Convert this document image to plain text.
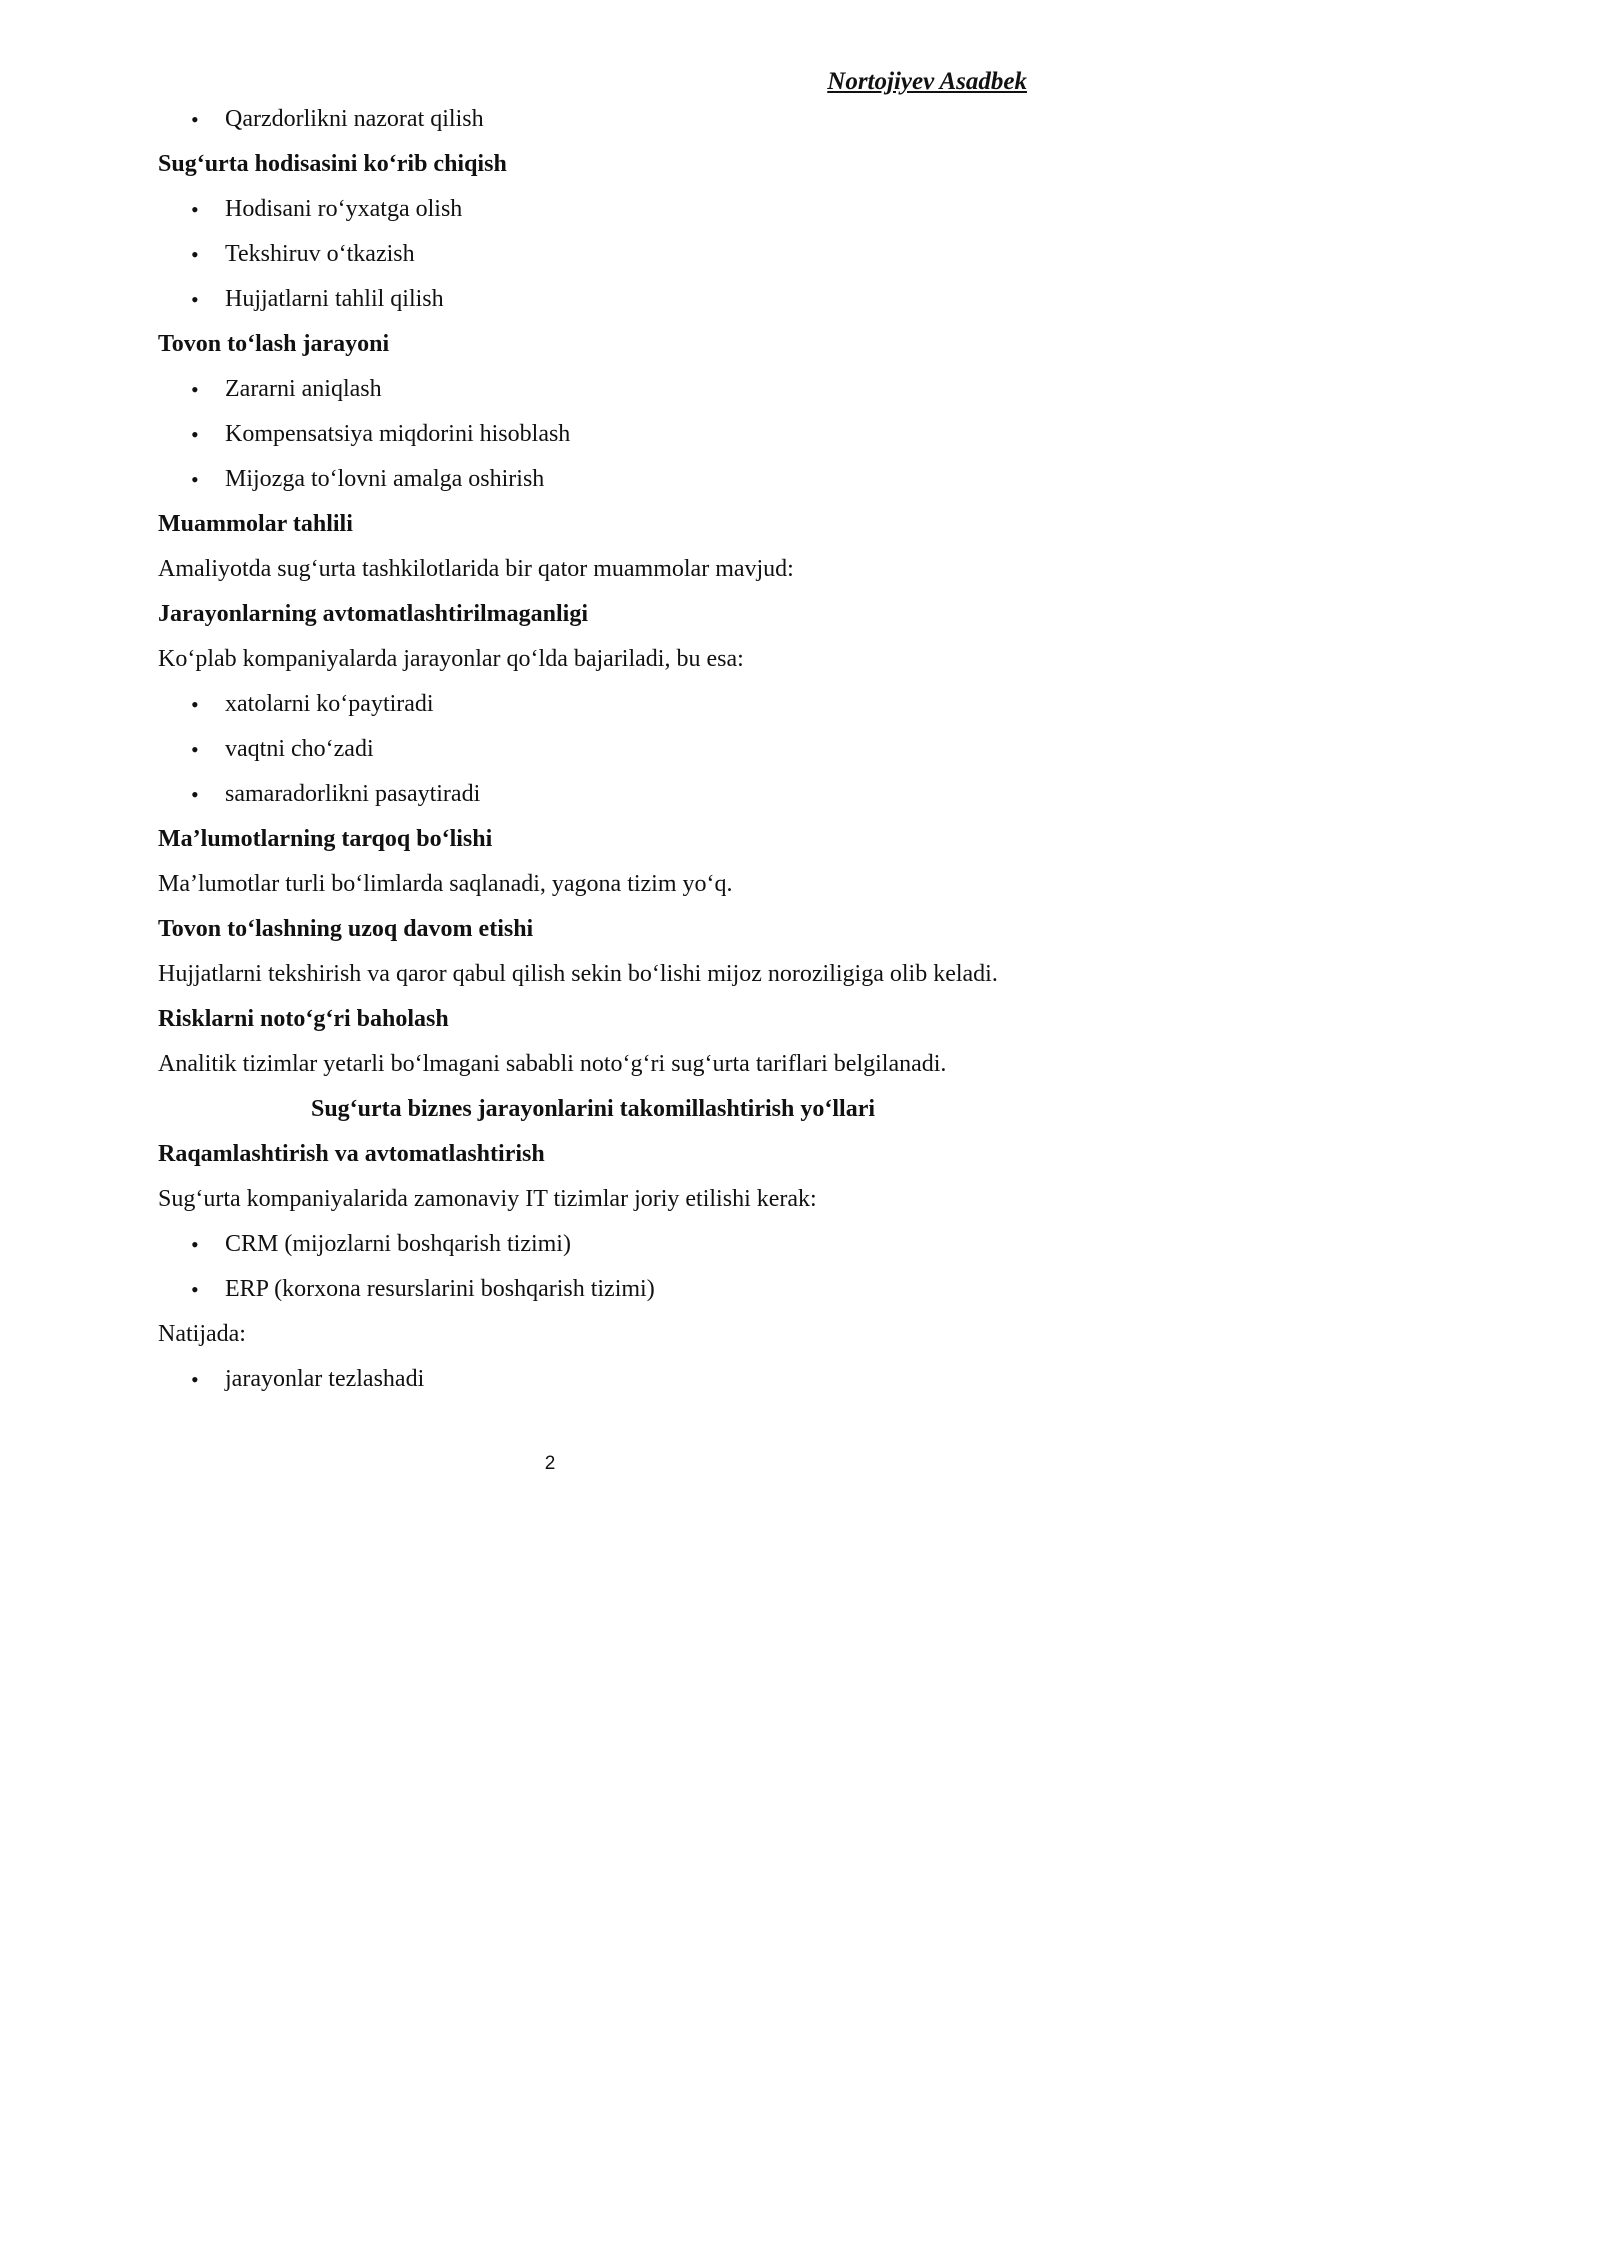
Nortojiyev Asadbek
• Qarzdorlikni nazorat qilish
Sug‘urta hodisasini ko‘rib chiqish
• Hodisani ro‘yxatga olish
• Tekshiruv o‘tkazish
• Hujjatlarni tahlil qilish
Tovon to‘lash jarayoni
• Zararni aniqlash
• Kompensatsiya miqdorini hisoblash
• Mijozga to‘lovni amalga oshirish
Muammolar tahlili
Amaliyotda sug‘urta tashkilotlarida bir qator muammolar mavjud:
Jarayonlarning avtomatlashtirilmaganligi
Ko‘plab kompaniyalarda jarayonlar qo‘lda bajariladi, bu esa:
• xatolarni ko‘paytiradi
• vaqtni cho‘zadi
• samaradorlikni pasaytiradi
Ma’lumotlarning tarqoq bo‘lishi
Ma’lumotlar turli bo‘limlarda saqlanadi, yagona tizim yo‘q.
Tovon to‘lashning uzoq davom etishi
Hujjatlarni tekshirish va qaror qabul qilish sekin bo‘lishi mijoz noroziligiga olib keladi.
Risklarni noto‘g‘ri baholash
Analitik tizimlar yetarli bo‘lmagani sababli noto‘g‘ri sug‘urta tariflari belgilanadi.
Sug‘urta biznes jarayonlarini takomillashtirish yo‘llari
Raqamlashtirish va avtomatlashtirish
Sug‘urta kompaniyalarida zamonaviy IT tizimlar joriy etilishi kerak:
• CRM (mijozlarni boshqarish tizimi)
• ERP (korxona resurslarini boshqarish tizimi)
Natijada:
• jarayonlar tezlashadi
2
